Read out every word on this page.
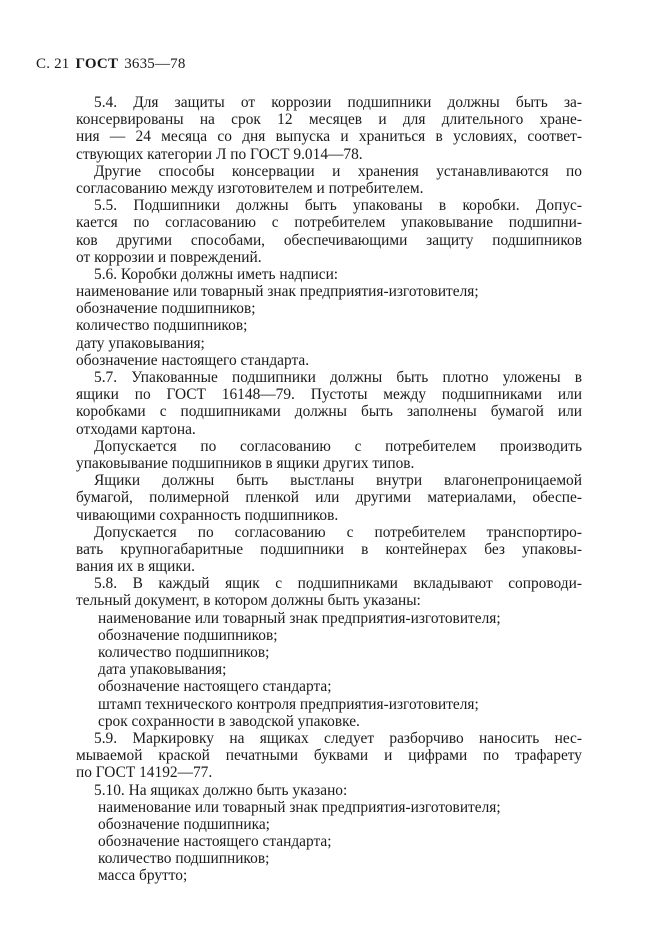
С. 21 ГОСТ 3635—78
5.4. Для защиты от коррозии подшипники должны быть за-
консервированы на срок 12 месяцев и для длительного хране-
ния — 24 месяца со дня выпуска и храниться в условиях, соответ-
ствующих категории Л по ГОСТ 9.014—78.
Другие способы консервации и хранения устанавливаются по
согласованию между изготовителем и потребителем.
5.5. Подшипники должны быть упакованы в коробки. Допус-
кается по согласованию с потребителем упаковывание подшипни-
ков другими способами, обеспечивающими защиту подшипников
от коррозии и повреждений.
5.6. Коробки должны иметь надписи:
наименование или товарный знак предприятия-изготовителя;
обозначение подшипников;
количество подшипников;
дату упаковывания;
обозначение настоящего стандарта.
5.7. Упакованные подшипники должны быть плотно уложены в
ящики по ГОСТ 16148—79. Пустоты между подшипниками или
коробками с подшипниками должны быть заполнены бумагой или
отходами картона.
Допускается по согласованию с потребителем производить
упаковывание подшипников в ящики других типов.
Ящики должны быть выстланы внутри влагонепроницаемой
бумагой, полимерной пленкой или другими материалами, обеспе-
чивающими сохранность подшипников.
Допускается по согласованию с потребителем транспортиро-
вать крупногабаритные подшипники в контейнерах без упаковы-
вания их в ящики.
5.8. В каждый ящик с подшипниками вкладывают сопроводи-
тельный документ, в котором должны быть указаны:
наименование или товарный знак предприятия-изготовителя;
обозначение подшипников;
количество подшипников;
дата упаковывания;
обозначение настоящего стандарта;
штамп технического контроля предприятия-изготовителя;
срок сохранности в заводской упаковке.
5.9. Маркировку на ящиках следует разборчиво наносить нес-
мываемой краской печатными буквами и цифрами по трафарету
по ГОСТ 14192—77.
5.10. На ящиках должно быть указано:
наименование или товарный знак предприятия-изготовителя;
обозначение подшипника;
обозначение настоящего стандарта;
количество подшипников;
масса брутто;
